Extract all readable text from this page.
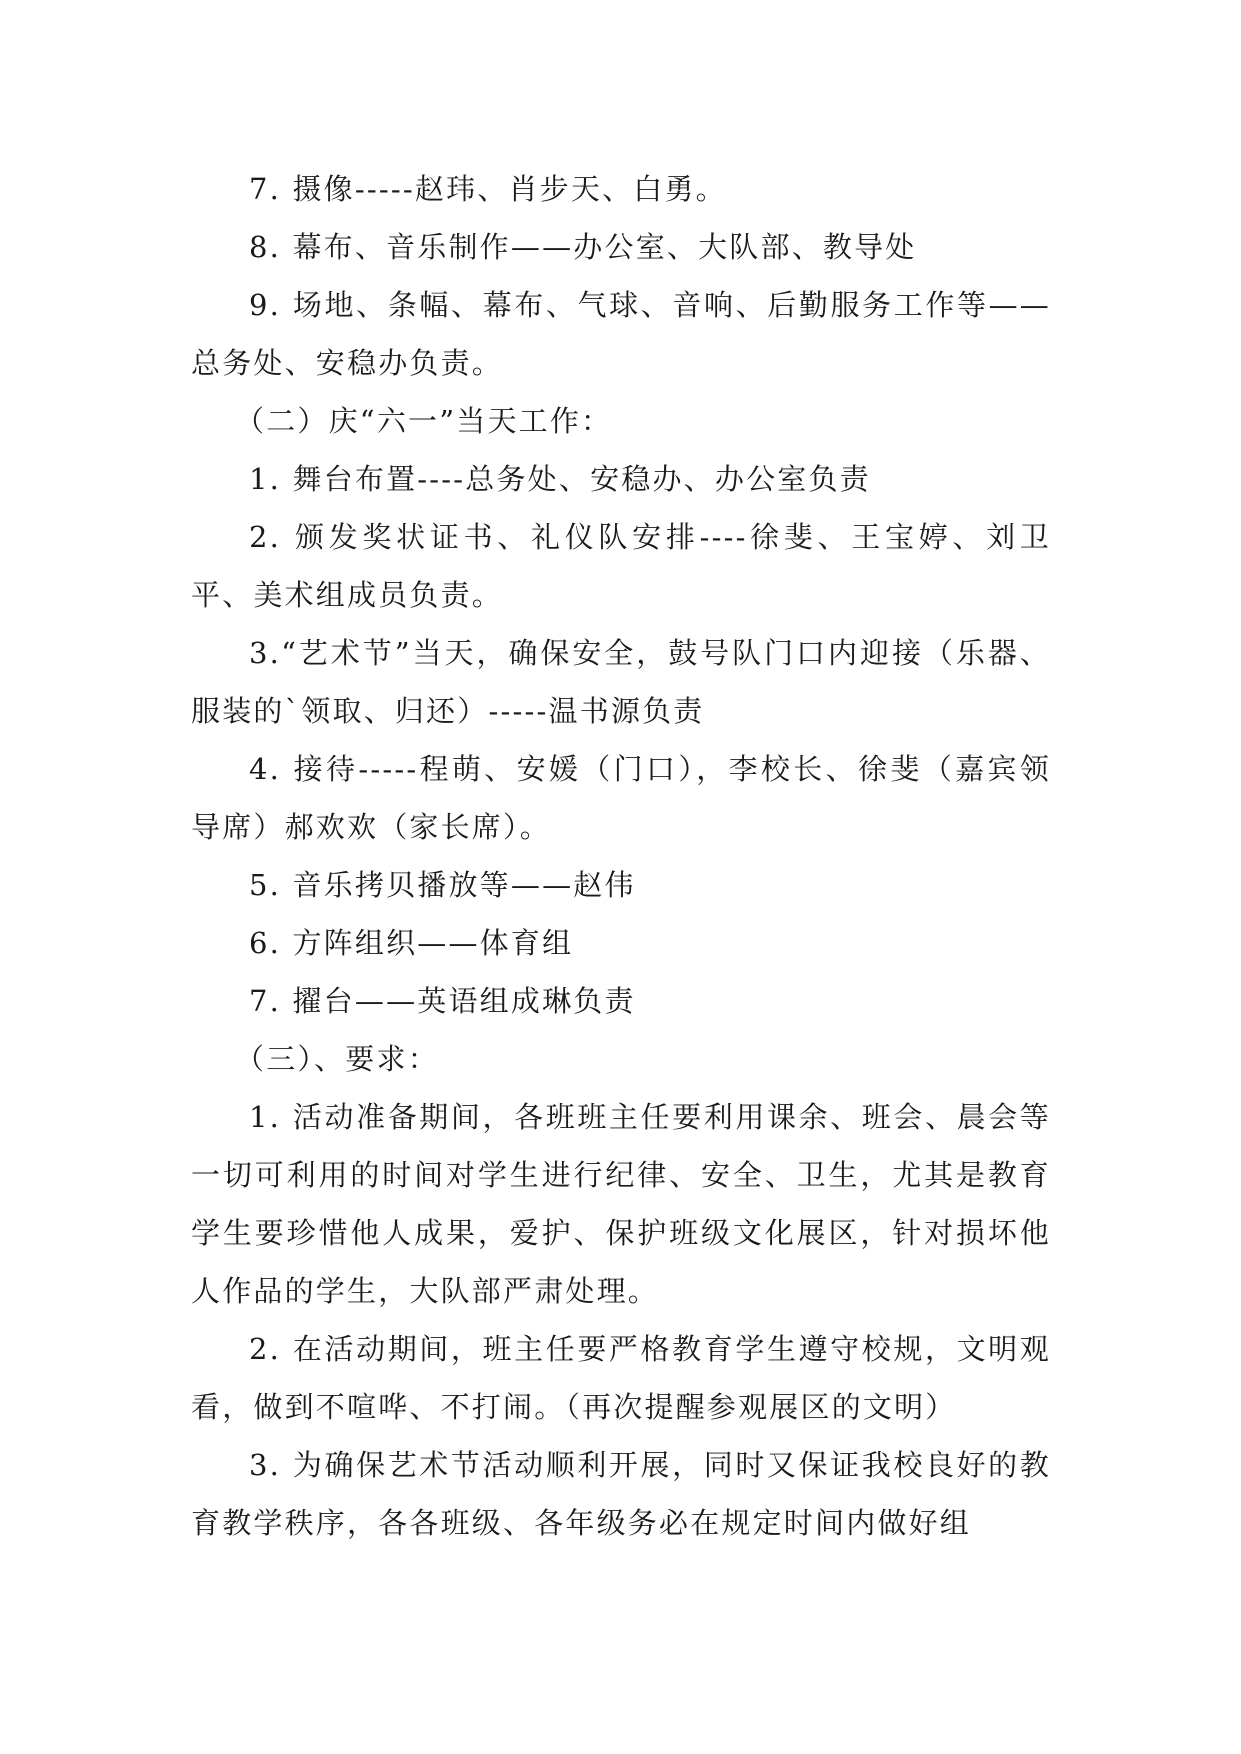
7. 摄像-----赵玮、肖步天、白勇。

8. 幕布、音乐制作——办公室、大队部、教导处

9. 场地、条幅、幕布、气球、音响、后勤服务工作等——总务处、安稳办负责。

（二）庆“六一”当天工作：

1. 舞台布置----总务处、安稳办、办公室负责

2. 颁发奖状证书、礼仪队安排----徐斐、王宝婷、刘卫平、美术组成员负责。

3.“艺术节”当天，确保安全，鼓号队门口内迎接（乐器、服装的`领取、归还）-----温书源负责

4. 接待-----程萌、安媛（门口），李校长、徐斐（嘉宾领导席）郝欢欢（家长席）。

5. 音乐拷贝播放等——赵伟

6. 方阵组织——体育组

7. 擢台——英语组成琳负责

（三）、要求：

1. 活动准备期间，各班班主任要利用课余、班会、晨会等一切可利用的时间对学生进行纪律、安全、卫生，尤其是教育学生要珍惜他人成果，爱护、保护班级文化展区，针对损坏他人作品的学生，大队部严肃处理。

2. 在活动期间，班主任要严格教育学生遵守校规，文明观看，做到不喧哗、不打闹。（再次提醒参观展区的文明）

3. 为确保艺术节活动顺利开展，同时又保证我校良好的教育教学秩序，各各班级、各年级务必在规定时间内做好组
